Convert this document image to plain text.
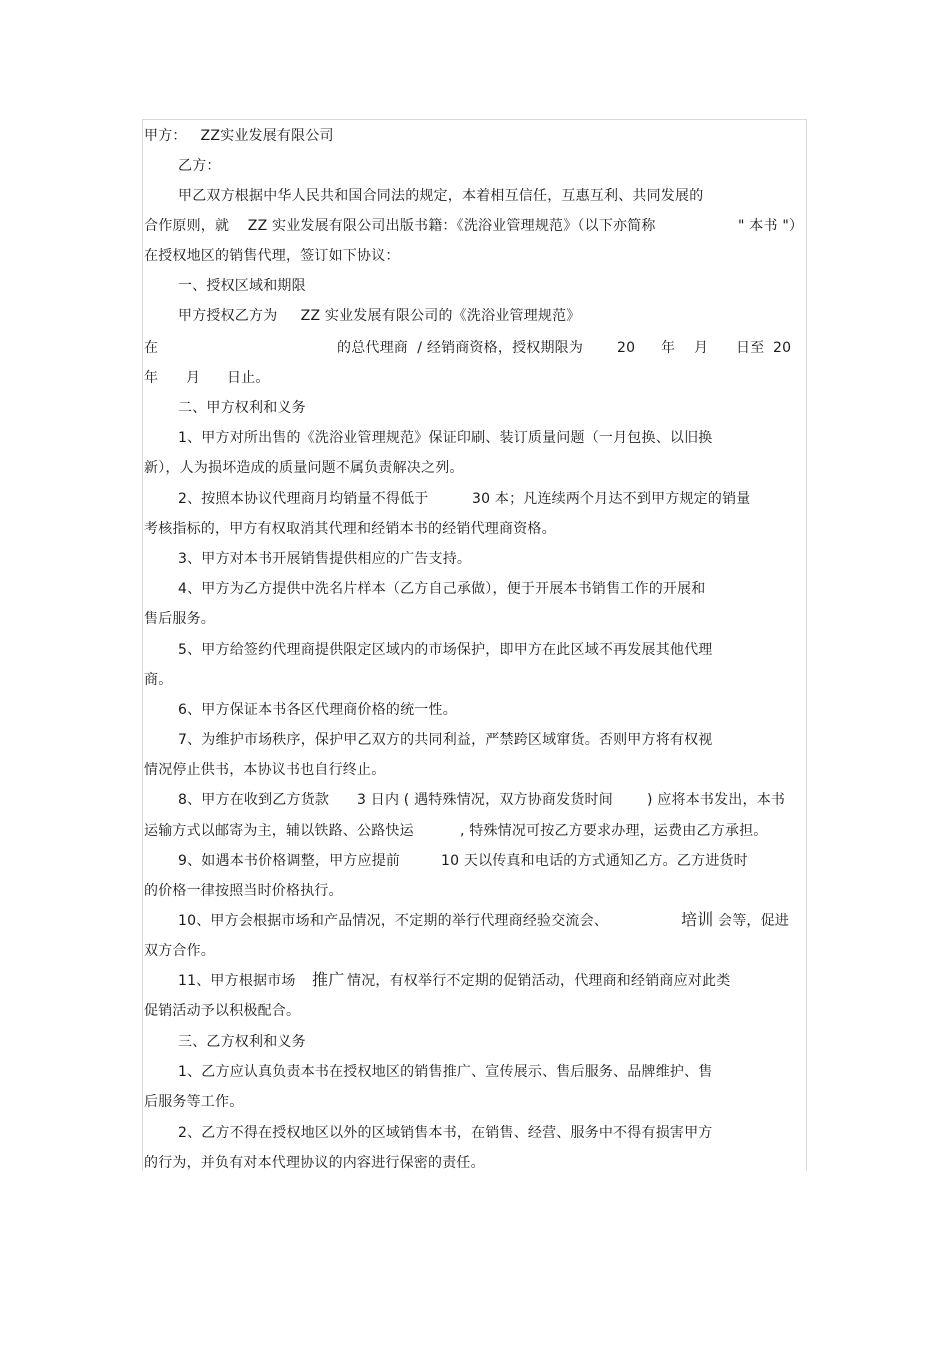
甲方：   ZZ实业发展有限公司
乙方：
甲乙双方根据中华人民共和国合同法的规定，本着相互信任，互惠互利、共同发展的
合作原则，就    ZZ 实业发展有限公司出版书籍：《洗浴业管理规范》（以下亦简称	" 本书 "）
在授权地区的销售代理，签订如下协议：
一、授权区域和期限
甲方授权乙方为     ZZ 实业发展有限公司的《洗浴业管理规范》
在	的总代理商  / 经销商资格，授权期限为 20 年 月 日至 20
年 月 日止。
二、甲方权利和义务
1、甲方对所出售的《洗浴业管理规范》保证印刷、装订质量问题（一月包换、以旧换
新），人为损坏造成的质量问题不属负责解决之列。
2、按照本协议代理商月均销量不得低于	30 本；凡连续两个月达不到甲方规定的销量
考核指标的，甲方有权取消其代理和经销本书的经销代理商资格。
3、甲方对本书开展销售提供相应的广告支持。
4、甲方为乙方提供中洗名片样本（乙方自己承做），便于开展本书销售工作的开展和
售后服务。
5、甲方给签约代理商提供限定区域内的市场保护，即甲方在此区域不再发展其他代理
商。
6、甲方保证本书各区代理商价格的统一性。
7、为维护市场秩序，保护甲乙双方的共同利益，严禁跨区域窜货。否则甲方将有权视
情况停止供书，本协议书也自行终止。
8、甲方在收到乙方货款 3 日内 ( 遇特殊情况，双方协商发货时间 ) 应将本书发出，本书
运输方式以邮寄为主，辅以铁路、公路快运	, 特殊情况可按乙方要求办理，运费由乙方承担。
9、如遇本书价格调整，甲方应提前	10 天以传真和电话的方式通知乙方。乙方进货时
的价格一律按照当时价格执行。
10、甲方会根据市场和产品情况，不定期的举行代理商经验交流会、	培训 会等，促进
双方合作。
11、甲方根据市场 推广 情况，有权举行不定期的促销活动，代理商和经销商应对此类
促销活动予以积极配合。
三、乙方权利和义务
1、乙方应认真负责本书在授权地区的销售推广、宣传展示、售后服务、品牌维护、售
后服务等工作。
2、乙方不得在授权地区以外的区域销售本书，在销售、经营、服务中不得有损害甲方
的行为，并负有对本代理协议的内容进行保密的责任。
